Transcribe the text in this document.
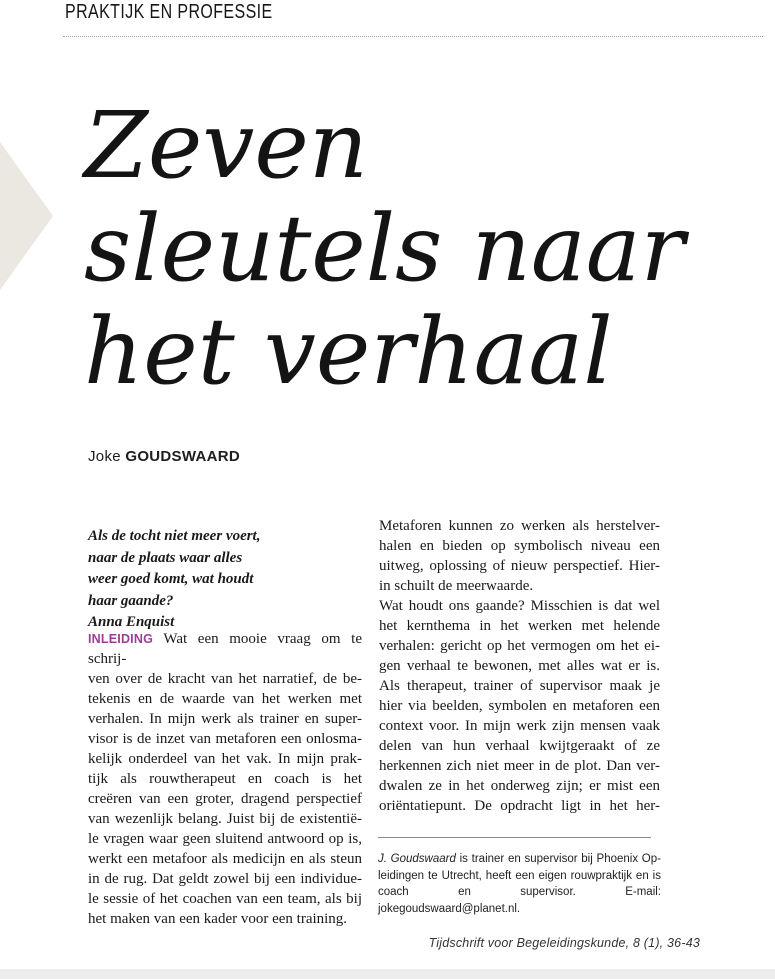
PRAKTIJK EN PROFESSIE
Zeven
sleutels naar
het verhaal
Joke GOUDSWAARD
Als de tocht niet meer voert,
naar de plaats waar alles
weer goed komt, wat houdt
haar gaande?
Anna Enquist
INLEIDING Wat een mooie vraag om te schrij-
ven over de kracht van het narratief, de be-
tekenis en de waarde van het werken met
verhalen. In mijn werk als trainer en super-
visor is de inzet van metaforen een onlosma-
kelijk onderdeel van het vak. In mijn prak-
tijk als rouwtherapeut en coach is het
creëren van een groter, dragend perspectief
van wezenlijk belang. Juist bij de existentië-
le vragen waar geen sluitend antwoord op is,
werkt een metafoor als medicijn en als steun
in de rug. Dat geldt zowel bij een individue-
le sessie of het coachen van een team, als bij
het maken van een kader voor een training.
Metaforen kunnen zo werken als herstelver-
halen en bieden op symbolisch niveau een
uitweg, oplossing of nieuw perspectief. Hier-
in schuilt de meerwaarde.
Wat houdt ons gaande? Misschien is dat wel
het kernthema in het werken met helende
verhalen: gericht op het vermogen om het ei-
gen verhaal te bewonen, met alles wat er is.
Als therapeut, trainer of supervisor maak je
hier via beelden, symbolen en metaforen een
context voor. In mijn werk zijn mensen vaak
delen van hun verhaal kwijtgeraakt of ze
herkennen zich niet meer in de plot. Dan ver-
dwalen ze in het onderweg zijn; er mist een
oriëntatiepunt. De opdracht ligt in het her-
J. Goudswaard is trainer en supervisor bij Phoenix Op-
leidingen te Utrecht, heeft een eigen rouwpraktijk en is
coach en supervisor. E-mail: jokegoudswaard@planet.nl.
Tijdschrift voor Begeleidingskunde, 8 (1), 36-43
